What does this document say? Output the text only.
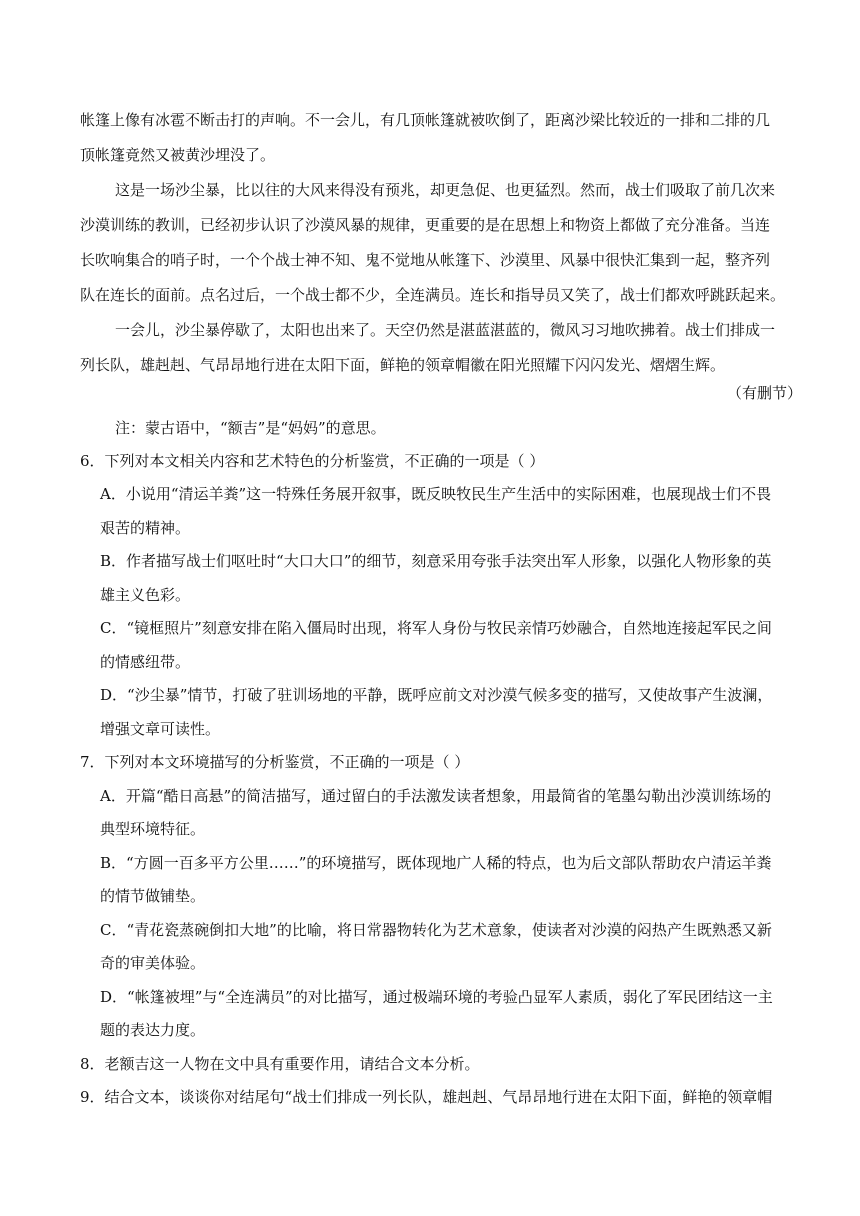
帐篷上像有冰雹不断击打的声响。不一会儿，有几顶帐篷就被吹倒了，距离沙梁比较近的一排和二排的几
顶帐篷竟然又被黄沙埋没了。
这是一场沙尘暴，比以往的大风来得没有预兆，却更急促、也更猛烈。然而，战士们吸取了前几次来
沙漠训练的教训，已经初步认识了沙漠风暴的规律，更重要的是在思想上和物资上都做了充分准备。当连
长吹响集合的哨子时，一个个战士神不知、鬼不觉地从帐篷下、沙漠里、风暴中很快汇集到一起，整齐列
队在连长的面前。点名过后，一个战士都不少，全连满员。连长和指导员又笑了，战士们都欢呼跳跃起来。
一会儿，沙尘暴停歇了，太阳也出来了。天空仍然是湛蓝湛蓝的，微风习习地吹拂着。战士们排成一
列长队，雄赳赳、气昂昂地行进在太阳下面，鲜艳的领章帽徽在阳光照耀下闪闪发光、熠熠生辉。
（有删节）
注：蒙古语中，“额吉”是“妈妈”的意思。
6．下列对本文相关内容和艺术特色的分析鉴赏，不正确的一项是（ ）
A．小说用“清运羊粪”这一特殊任务展开叙事，既反映牧民生产生活中的实际困难，也展现战士们不畏
艰苦的精神。
B．作者描写战士们呕吐时“大口大口”的细节，刻意采用夸张手法突出军人形象，以强化人物形象的英
雄主义色彩。
C．“镜框照片”刻意安排在陷入僵局时出现，将军人身份与牧民亲情巧妙融合，自然地连接起军民之间
的情感纽带。
D．“沙尘暴”情节，打破了驻训场地的平静，既呼应前文对沙漠气候多变的描写，又使故事产生波澜，
增强文章可读性。
7．下列对本文环境描写的分析鉴赏，不正确的一项是（ ）
A．开篇“酷日高悬”的简洁描写，通过留白的手法激发读者想象，用最简省的笔墨勾勒出沙漠训练场的
典型环境特征。
B．“方圆一百多平方公里……”的环境描写，既体现地广人稀的特点，也为后文部队帮助农户清运羊粪
的情节做铺垫。
C．“青花瓷蒸碗倒扣大地”的比喻，将日常器物转化为艺术意象，使读者对沙漠的闷热产生既熟悉又新
奇的审美体验。
D．“帐篷被埋”与“全连满员”的对比描写，通过极端环境的考验凸显军人素质，弱化了军民团结这一主
题的表达力度。
8．老额吉这一人物在文中具有重要作用，请结合文本分析。
9．结合文本，谈谈你对结尾句“战士们排成一列长队，雄赳赳、气昂昂地行进在太阳下面，鲜艳的领章帽
